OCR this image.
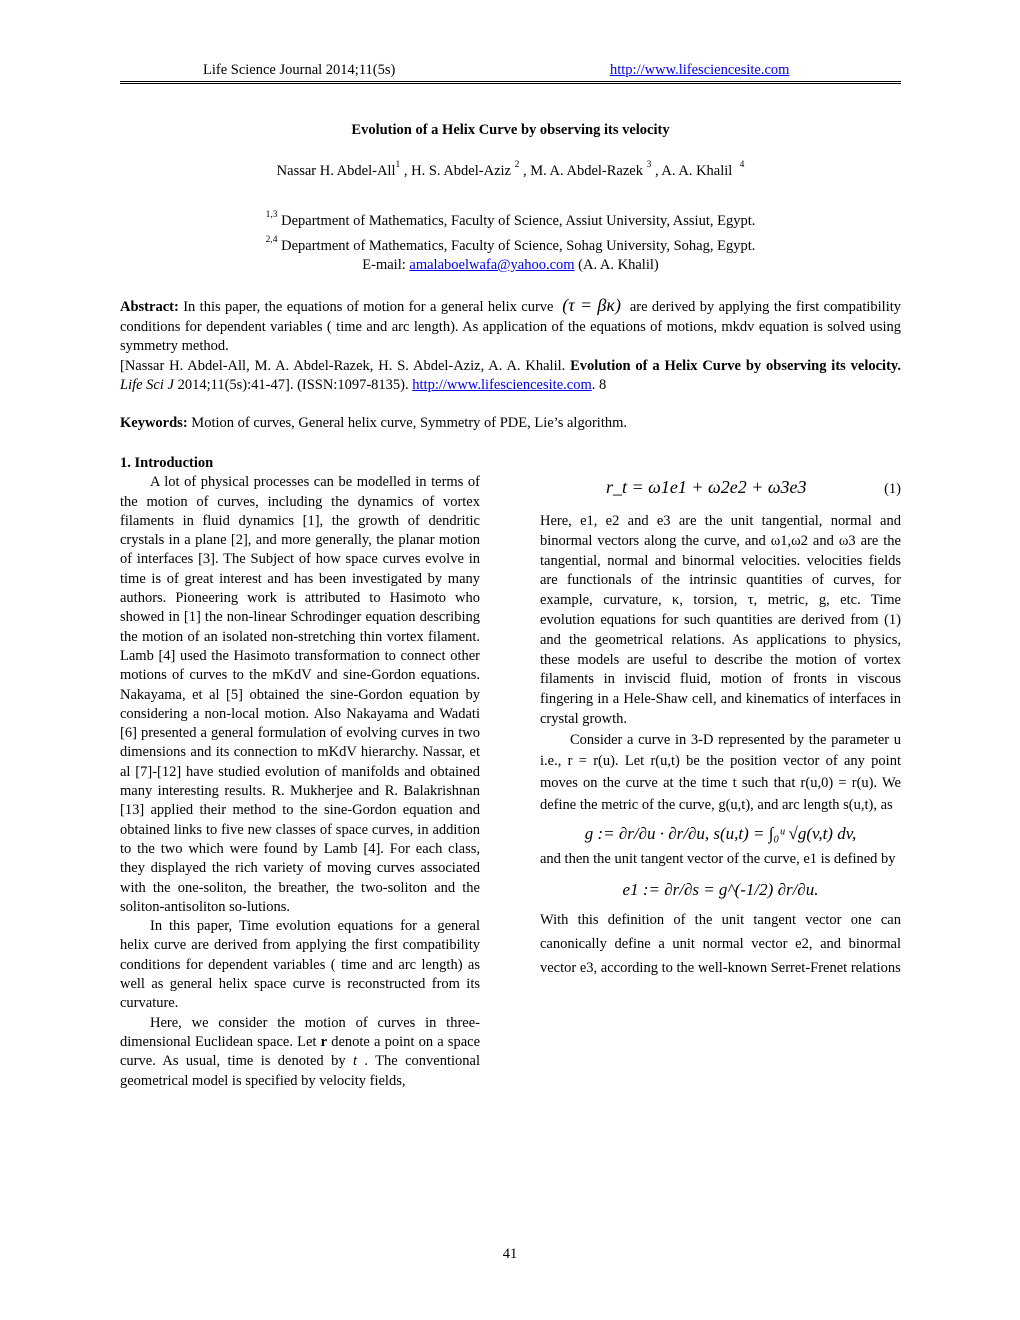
Life Science Journal 2014;11(5s)	http://www.lifesciencesite.com
Evolution of a Helix Curve by observing its velocity
Nassar H. Abdel-All$^1$ , H. S. Abdel-Aziz $^2$ , M. A. Abdel-Razek $^3$ , A. A. Khalil $^4$
$^{1,3}$ Department of Mathematics, Faculty of Science, Assiut University, Assiut, Egypt.
$^{2,4}$ Department of Mathematics, Faculty of Science, Sohag University, Sohag, Egypt.
E-mail: amalaboelwafa@yahoo.com (A. A. Khalil)
Abstract: In this paper, the equations of motion for a general helix curve  (τ = βκ)  are derived by applying the first compatibility conditions for dependent variables ( time and arc length). As application of the equations of motions, mkdv equation is solved using symmetry method.
[Nassar H. Abdel-All, M. A. Abdel-Razek, H. S. Abdel-Aziz, A. A. Khalil. Evolution of a Helix Curve by observing its velocity. Life Sci J 2014;11(5s):41-47]. (ISSN:1097-8135). http://www.lifesciencesite.com. 8
Keywords: Motion of curves, General helix curve, Symmetry of PDE, Lie’s algorithm.

1. Introduction

A lot of physical processes can be modelled in terms of the motion of curves, including the dynamics of vortex filaments in fluid dynamics [1], the growth of dendritic crystals in a plane [2], and more generally, the planar motion of interfaces [3]. The Subject of how space curves evolve in time is of great interest and has been investigated by many authors. Pioneering work is attributed to Hasimoto who showed in [1] the non-linear Schrodinger equation describing the motion of an isolated non-stretching thin vortex filament. Lamb [4] used the Hasimoto transformation to connect other motions of curves to the mKdV and sine-Gordon equations. Nakayama, et al [5] obtained the sine-Gordon equation by considering a non-local motion. Also Nakayama and Wadati [6] presented a general formulation of evolving curves in two dimensions and its connection to mKdV hierarchy. Nassar, et al [7]-[12] have studied evolution of manifolds and obtained many interesting results. R. Mukherjee and R. Balakrishnan [13] applied their method to the sine-Gordon equation and obtained links to five new classes of space curves, in addition to the two which were found by Lamb [4]. For each class, they displayed the rich variety of moving curves associated with the one-soliton, the breather, the two-soliton and the soliton-antisoliton so-lutions.

In this paper, Time evolution equations for a general helix curve are derived from applying the first compatibility conditions for dependent variables ( time and arc length) as well as general helix space curve is reconstructed from its curvature.

Here, we consider the motion of curves in three-dimensional Euclidean space. Let r denote a point on a space curve. As usual, time is denoted by t . The conventional geometrical model is specified by velocity fields,

r_t = ω1e1 + ω2e2 + ω3e3	(1)

Here, e1, e2 and e3 are the unit tangential, normal and binormal vectors along the curve, and ω1,ω2 and ω3 are the tangential, normal and binormal velocities. velocities fields are functionals of the intrinsic quantities of curves, for example, curvature, κ, torsion, τ, metric, g, etc. Time evolution equations for such quantities are derived from (1) and the geometrical relations. As applications to physics, these models are useful to describe the motion of vortex filaments in inviscid fluid, motion of fronts in viscous fingering in a Hele-Shaw cell, and kinematics of interfaces in crystal growth.

Consider a curve in 3-D represented by the parameter u i.e., r = r(u). Let r(u,t) be the position vector of any point moves on the curve at the time t such that r(u,0) = r(u). We define the metric of the curve, g(u,t), and arc length s(u,t), as

g := ∂r/∂u · ∂r/∂u, s(u,t) = ∫₀ᵘ √g(v,t) dv,

and then the unit tangent vector of the curve, e1 is defined by

e1 := ∂r/∂s = g^(-1/2) ∂r/∂u.

With this definition of the unit tangent vector one can canonically define a unit normal vector e2, and binormal vector e3, according to the well-known Serret-Frenet relations

41
